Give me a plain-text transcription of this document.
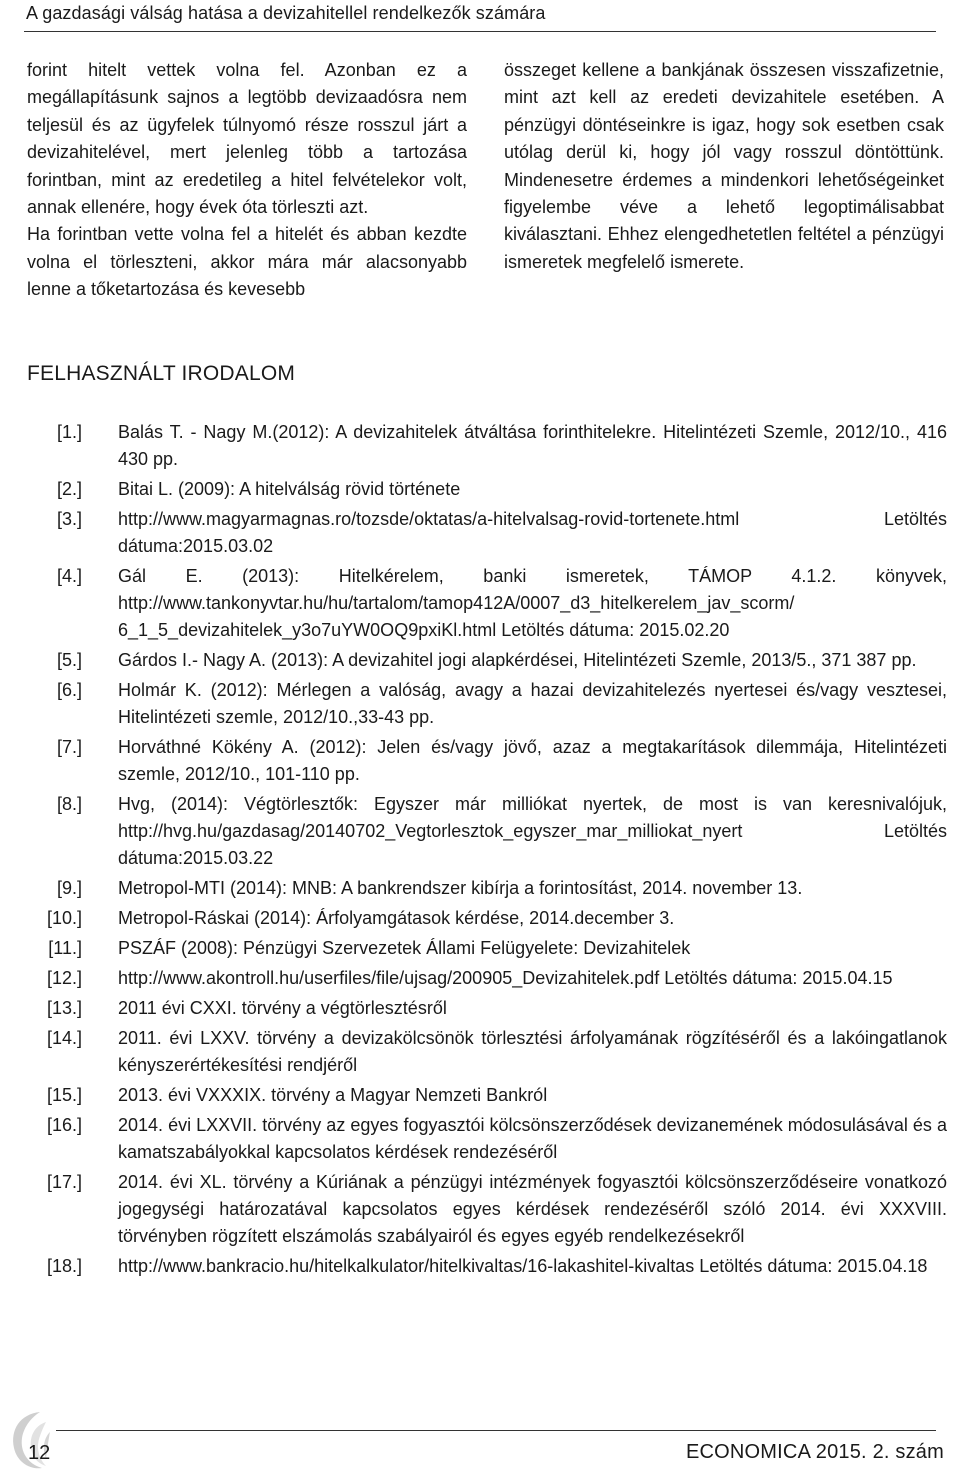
A gazdasági válság hatása a devizahitellel rendelkezők számára

forint hitelt vettek volna fel. Azonban ez a megállapításunk sajnos a legtöbb devizaadósra nem teljesül és az ügyfelek túlnyomó része rosszul járt a devizahitelével, mert jelenleg több a tartozása forintban, mint az eredetileg a hitel felvételekor volt, annak ellenére, hogy évek óta törleszti azt.

Ha forintban vette volna fel a hitelét és abban kezdte volna el törleszteni, akkor mára már alacsonyabb lenne a tőketartozása és kevesebb

összeget kellene a bankjának összesen visszafizetnie, mint azt kell az eredeti devizahitele esetében. A pénzügyi döntéseinkre is igaz, hogy sok esetben csak utólag derül ki, hogy jól vagy rosszul döntöttünk. Mindenesetre érdemes a mindenkori lehetőségeinket figyelembe véve a lehető legoptimálisabbat kiválasztani. Ehhez elengedhetetlen feltétel a pénzügyi ismeretek megfelelő ismerete.

FELHASZNÁLT IRODALOM
[1.] Balás T. - Nagy M.(2012): A devizahitelek átváltása forinthitelekre. Hitelintézeti Szemle, 2012/10., 416 430 pp.
[2.] Bitai L. (2009): A hitelválság rövid története
[3.] http://www.magyarmagnas.ro/tozsde/oktatas/a-hitelvalsag-rovid-tortenete.html Letöltés dátuma:2015.03.02
[4.] Gál E. (2013): Hitelkérelem, banki ismeretek, TÁMOP 4.1.2. könyvek, http://www.tankonyvtar.hu/hu/tartalom/tamop412A/0007_d3_hitelkerelem_jav_scorm/ 6_1_5_devizahitelek_y3o7uYW0OQ9pxiKl.html Letöltés dátuma: 2015.02.20
[5.] Gárdos I.- Nagy A. (2013): A devizahitel jogi alapkérdései, Hitelintézeti Szemle, 2013/5., 371 387 pp.
[6.] Holmár K. (2012): Mérlegen a valóság, avagy a hazai devizahitelezés nyertesei és/vagy vesztesei, Hitelintézeti szemle, 2012/10.,33-43 pp.
[7.] Horváthné Kökény A. (2012): Jelen és/vagy jövő, azaz a megtakarítások dilemmája, Hitelintézeti szemle, 2012/10., 101-110 pp.
[8.] Hvg, (2014): Végtörlesztők: Egyszer már milliókat nyertek, de most is van keresnivalójuk, http://hvg.hu/gazdasag/20140702_Vegtorlesztok_egyszer_mar_milliokat_nyert Letöltés dátuma:2015.03.22
[9.] Metropol-MTI (2014): MNB: A bankrendszer kibírja a forintosítást, 2014. november 13.
[10.] Metropol-Ráskai (2014): Árfolyamgátasok kérdése, 2014.december 3.
[11.] PSZÁF (2008): Pénzügyi Szervezetek Állami Felügyelete: Devizahitelek
[12.] http://www.akontroll.hu/userfiles/file/ujsag/200905_Devizahitelek.pdf Letöltés dátuma: 2015.04.15
[13.] 2011 évi CXXI. törvény a végtörlesztésről
[14.] 2011. évi LXXV. törvény a devizakölcsönök törlesztési árfolyamának rögzítéséről és a lakóingatlanok kényszerértékesítési rendjéről
[15.] 2013. évi VXXXIX. törvény a Magyar Nemzeti Bankról
[16.] 2014. évi LXXVII. törvény az egyes fogyasztói kölcsönszerződések devizanemének módosulásával és a kamatszabályokkal kapcsolatos kérdések rendezéséről
[17.] 2014. évi XL. törvény a Kúriának a pénzügyi intézmények fogyasztói kölcsönszerződéseire vonatkozó jogegységi határozatával kapcsolatos egyes kérdések rendezéséről szóló 2014. évi XXXVIII. törvényben rögzített elszámolás szabályairól és egyes egyéb rendelkezésekről
[18.] http://www.bankracio.hu/hitelkalkulator/hitelkivaltas/16-lakashitel-kivaltas Letöltés dátuma: 2015.04.18
12	ECONOMICA 2015. 2. szám
